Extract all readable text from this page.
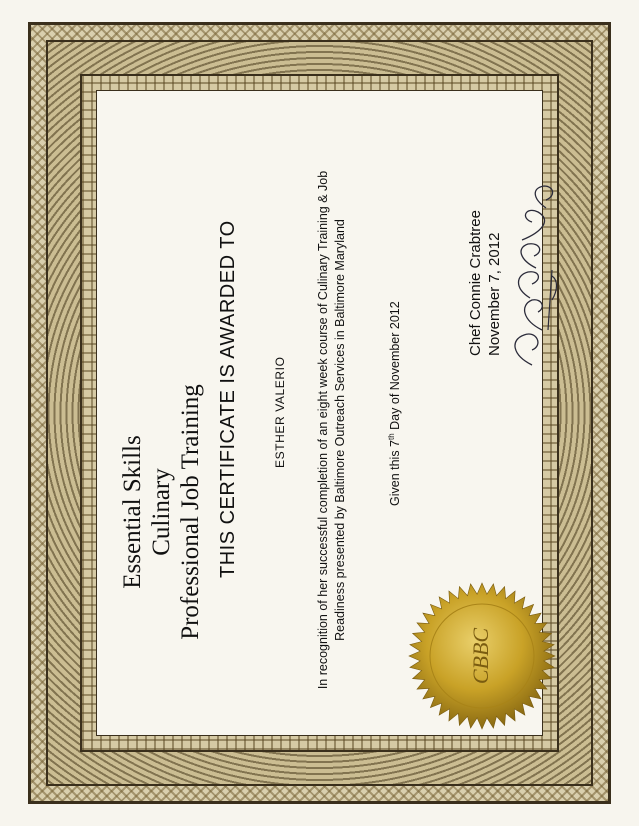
Essential Skills Culinary Professional Job Training THIS CERTIFICATE IS AWARDED TO	ESTHER VALERIO In recognition of her successful completion of an eight week course of Culinary Training & Job Readiness presented by Baltimore Outreach Services in Baltimore Maryland	Given this 7th Day of November 2012
Chef Connie Crabtree November 7, 2012
CBBC
